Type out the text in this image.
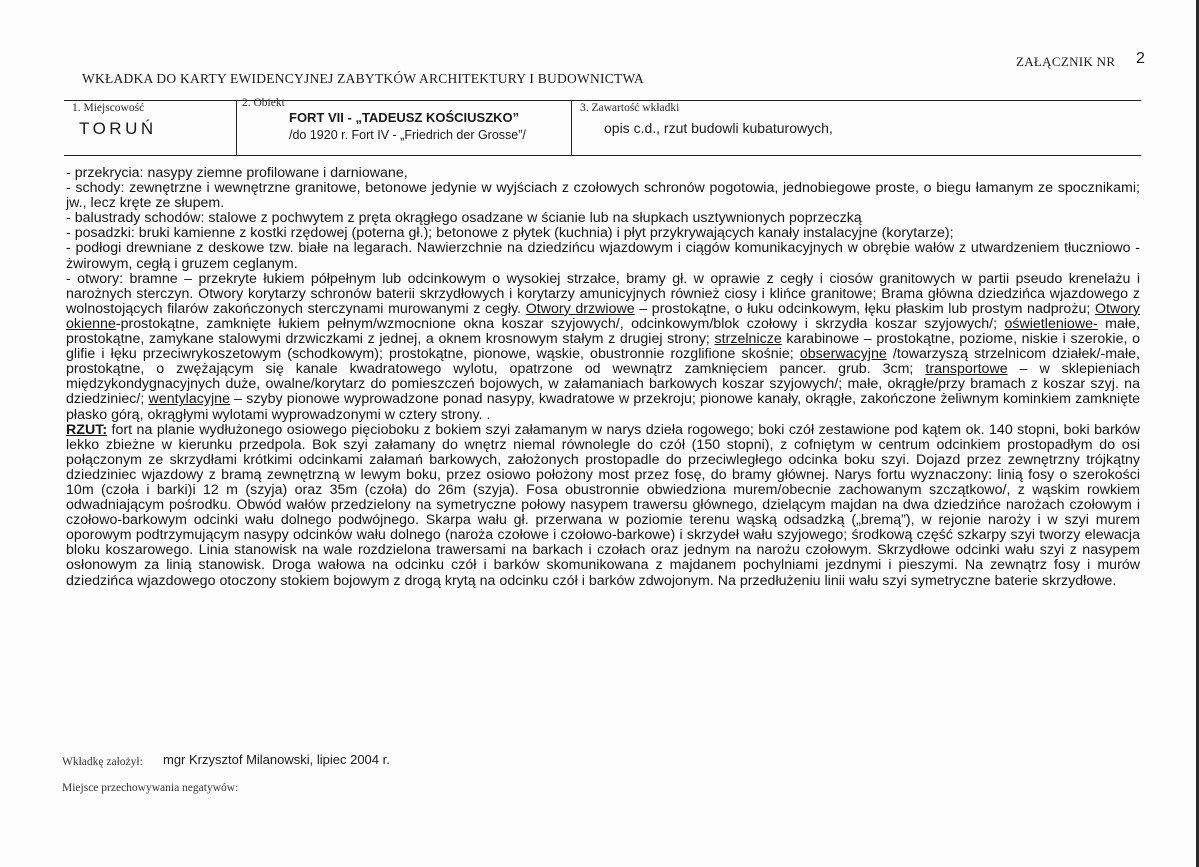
ZAŁĄCZNIK NR 2
WKŁADKA DO KARTY EWIDENCYJNEJ ZABYTKÓW ARCHITEKTURY I BUDOWNICTWA
1. Miejscowość
TORUŃ
2. Obiekt
FORT VII - „TADEUSZ KOŚCIUSZKO”
/do 1920 r. Fort IV - „Friedrich der Grosse”/
3. Zawartość wkładki
opis c.d., rzut budowli kubaturowych,

- przekrycia: nasypy ziemne profilowane i darniowane,

- schody: zewnętrzne i wewnętrzne granitowe, betonowe jedynie w wyjściach z czołowych schronów pogotowia, jednobiegowe proste, o biegu łamanym ze spocznikami; jw., lecz kręte ze słupem.

- balustrady schodów: stalowe z pochwytem z pręta okrągłego osadzane w ścianie lub na słupkach usztywnionych poprzeczką

- posadzki: bruki kamienne z kostki rzędowej (poterna gł.); betonowe z płytek (kuchnia) i płyt przykrywających kanały instalacyjne (korytarze);

- podłogi drewniane z deskowe tzw. białe na legarach. Nawierzchnie na dziedzińcu wjazdowym i ciągów komunikacyjnych w obrębie wałów z utwardzeniem tłuczniowo - żwirowym, cegłą i gruzem ceglanym.

- otwory: bramne – przekryte łukiem półpełnym lub odcinkowym o wysokiej strzałce, bramy gł. w oprawie z cegły i ciosów granitowych w partii pseudo krenelażu i narożnych sterczyn. Otwory korytarzy schronów baterii skrzydłowych i korytarzy amunicyjnych również ciosy i klińce granitowe; Brama główna dziedzińca wjazdowego z wolnostojących filarów zakończonych sterczynami murowanymi z cegły. Otwory drzwiowe – prostokątne, o łuku odcinkowym, łęku płaskim lub prostym nadprożu; Otwory okienne-prostokątne, zamknięte łukiem pełnym/wzmocnione okna koszar szyjowych/, odcinkowym/blok czołowy i skrzydła koszar szyjowych/; oświetleniowe- małe, prostokątne, zamykane stalowymi drzwiczkami z jednej, a oknem krosnowym stałym z drugiej strony; strzelnicze karabinowe – prostokątne, poziome, niskie i szerokie, o glifie i łęku przeciwrykoszetowym (schodkowym); prostokątne, pionowe, wąskie, obustronnie rozglifione skośnie; obserwacyjne /towarzyszą strzelnicom działek/-małe, prostokątne, o zwężającym się kanale kwadratowego wylotu, opatrzone od wewnątrz zamknięciem pancer. grub. 3cm; transportowe – w sklepieniach międzykondygnacyjnych duże, owalne/korytarz do pomieszczeń bojowych, w załamaniach barkowych koszar szyjowych/; małe, okrągłe/przy bramach z koszar szyj. na dziedziniec/; wentylacyjne – szyby pionowe wyprowadzone ponad nasypy, kwadratowe w przekroju; pionowe kanały, okrągłe, zakończone żeliwnym kominkiem zamknięte płasko górą, okrągłymi wylotami wyprowadzonymi w cztery strony. .

RZUT: fort na planie wydłużonego osiowego pięcioboku z bokiem szyi załamanym w narys dzieła rogowego; boki czół zestawione pod kątem ok. 140 stopni, boki barków lekko zbieżne w kierunku przedpola. Bok szyi załamany do wnętrz niemal równolegle do czół (150 stopni), z cofniętym w centrum odcinkiem prostopadłym do osi połączonym ze skrzydłami krótkimi odcinkami załamań barkowych, założonych prostopadle do przeciwległego odcinka boku szyi. Dojazd przez zewnętrzny trójkątny dziedziniec wjazdowy z bramą zewnętrzną w lewym boku, przez osiowo położony most przez fosę, do bramy głównej. Narys fortu wyznaczony: linią fosy o szerokości 10m (czoła i barki)i 12 m (szyja) oraz 35m (czoła) do 26m (szyja). Fosa obustronnie obwiedziona murem/obecnie zachowanym szczątkowo/, z wąskim rowkiem odwadniającym pośrodku. Obwód wałów przedzielony na symetryczne połowy nasypem trawersu głównego, dzielącym majdan na dwa dziedzińce narożach czołowym i czołowo-barkowym odcinki wału dolnego podwójnego. Skarpa wału gł. przerwana w poziomie terenu wąską odsadzką („bremą”), w rejonie naroży i w szyi murem oporowym podtrzymującym nasypy odcinków wału dolnego (naroża czołowe i czołowo-barkowe) i skrzydeł wału szyjowego; środkową część szkarpy szyi tworzy elewacja bloku koszarowego. Linia stanowisk na wale rozdzielona trawersami na barkach i czołach oraz jednym na narożu czołowym. Skrzydłowe odcinki wału szyi z nasypem osłonowym za linią stanowisk. Droga wałowa na odcinku czół i barków skomunikowana z majdanem pochylniami jezdnymi i pieszymi. Na zewnątrz fosy i murów dziedzińca wjazdowego otoczony stokiem bojowym z drogą krytą na odcinku czół i barków zdwojonym. Na przedłużeniu linii wału szyi symetryczne baterie skrzydłowe.

Wkładkę założył: mgr Krzysztof Milanowski, lipiec 2004 r.
Miejsce przechowywania negatywów:
